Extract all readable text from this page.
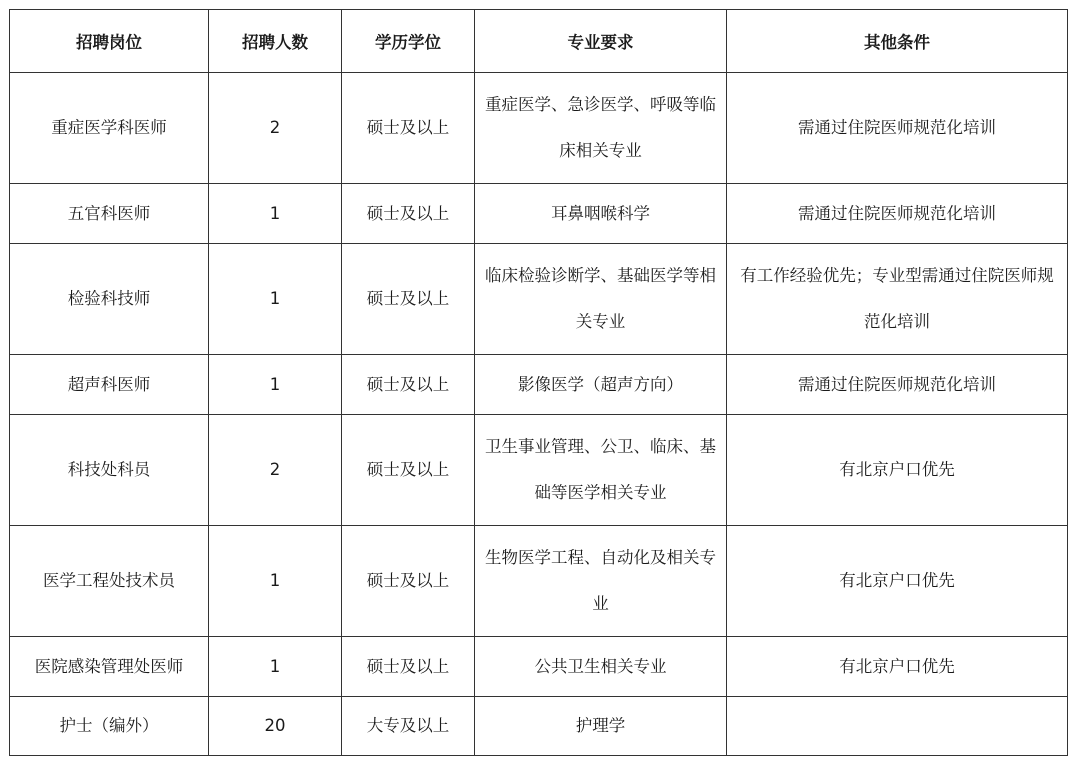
招聘岗位	招聘人数	学历学位	专业要求	其他条件

重症医学科医师	2	硕士及以上	重症医学、急诊医学、呼吸等临床相关专业	需通过住院医师规范化培训

五官科医师	1	硕士及以上	耳鼻咽喉科学	需通过住院医师规范化培训

检验科技师	1	硕士及以上	临床检验诊断学、基础医学等相关专业	有工作经验优先；专业型需通过住院医师规范化培训

超声科医师	1	硕士及以上	影像医学（超声方向）	需通过住院医师规范化培训

科技处科员	2	硕士及以上	卫生事业管理、公卫、临床、基础等医学相关专业	有北京户口优先

医学工程处技术员	1	硕士及以上	生物医学工程、自动化及相关专业	有北京户口优先

医院感染管理处医师	1	硕士及以上	公共卫生相关专业	有北京户口优先

护士（编外）	20	大专及以上	护理学	
